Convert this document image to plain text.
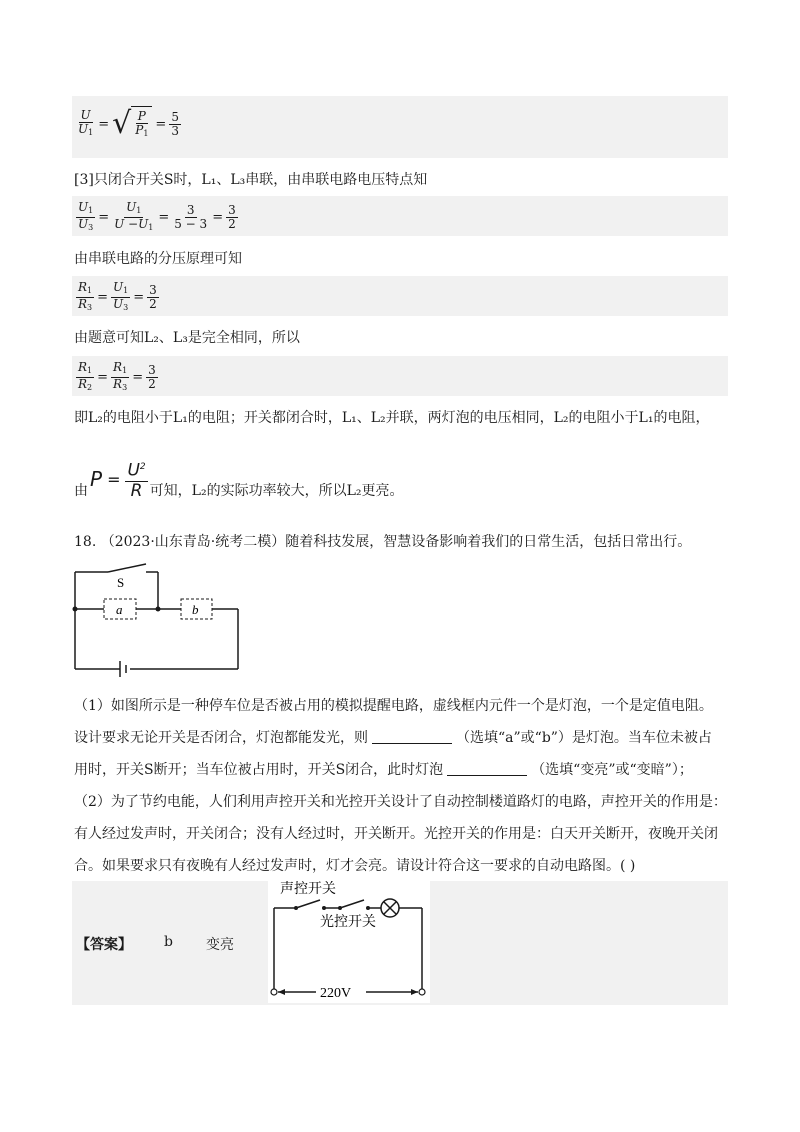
$\frac{U}{U_1}$ = √ $\frac{P}{P_1} = \frac{5}{3}$
[3]只闭合开关S时，L₁、L₃串联，由串联电路电压特点知
$\frac{U_1}{U_3} = \frac{U_1}{U -U_1} = \frac{3}{5 - 3} = \frac{3}{2}$
由串联电路的分压原理可知
$\frac{R_1}{R_3} = \frac{U_1}{U_3} = \frac{3}{2}$
由题意可知L₂、L₃是完全相同，所以
$\frac{R_1}{R_2} = \frac{R_1}{R_3} = \frac{3}{2}$
即L₂的电阻小于L₁的电阻；开关都闭合时，L₁、L₂并联，两灯泡的电压相同，L₂的电阻小于L₁的电阻，
由 $P = \frac{U^2}{R}$ 可知，L₂的实际功率较大，所以L₂更亮。
18. （2023·山东青岛·统考二模）随着科技发展，智慧设备影响着我们的日常生活，包括日常出行。
S
a	b
（1）如图所示是一种停车位是否被占用的模拟提醒电路，虚线框内元件一个是灯泡，一个是定值电阻。
设计要求无论开关是否闭合，灯泡都能发光，则	（选填“a”或“b”）是灯泡。当车位未被占
用时，开关S断开；当车位被占用时，开关S闭合，此时灯泡	（选填“变亮”或“变暗”）；
（2）为了节约电能，人们利用声控开关和光控开关设计了自动控制楼道路灯的电路，声控开关的作用是：
有人经过发声时，开关闭合；没有人经过时，开关断开。光控开关的作用是：白天开关断开，夜晚开关闭
合。如果要求只有夜晚有人经过发声时，灯才会亮。请设计符合这一要求的自动电路图。( )
【答案】 b 变亮
声控开关
光控开关
220V
